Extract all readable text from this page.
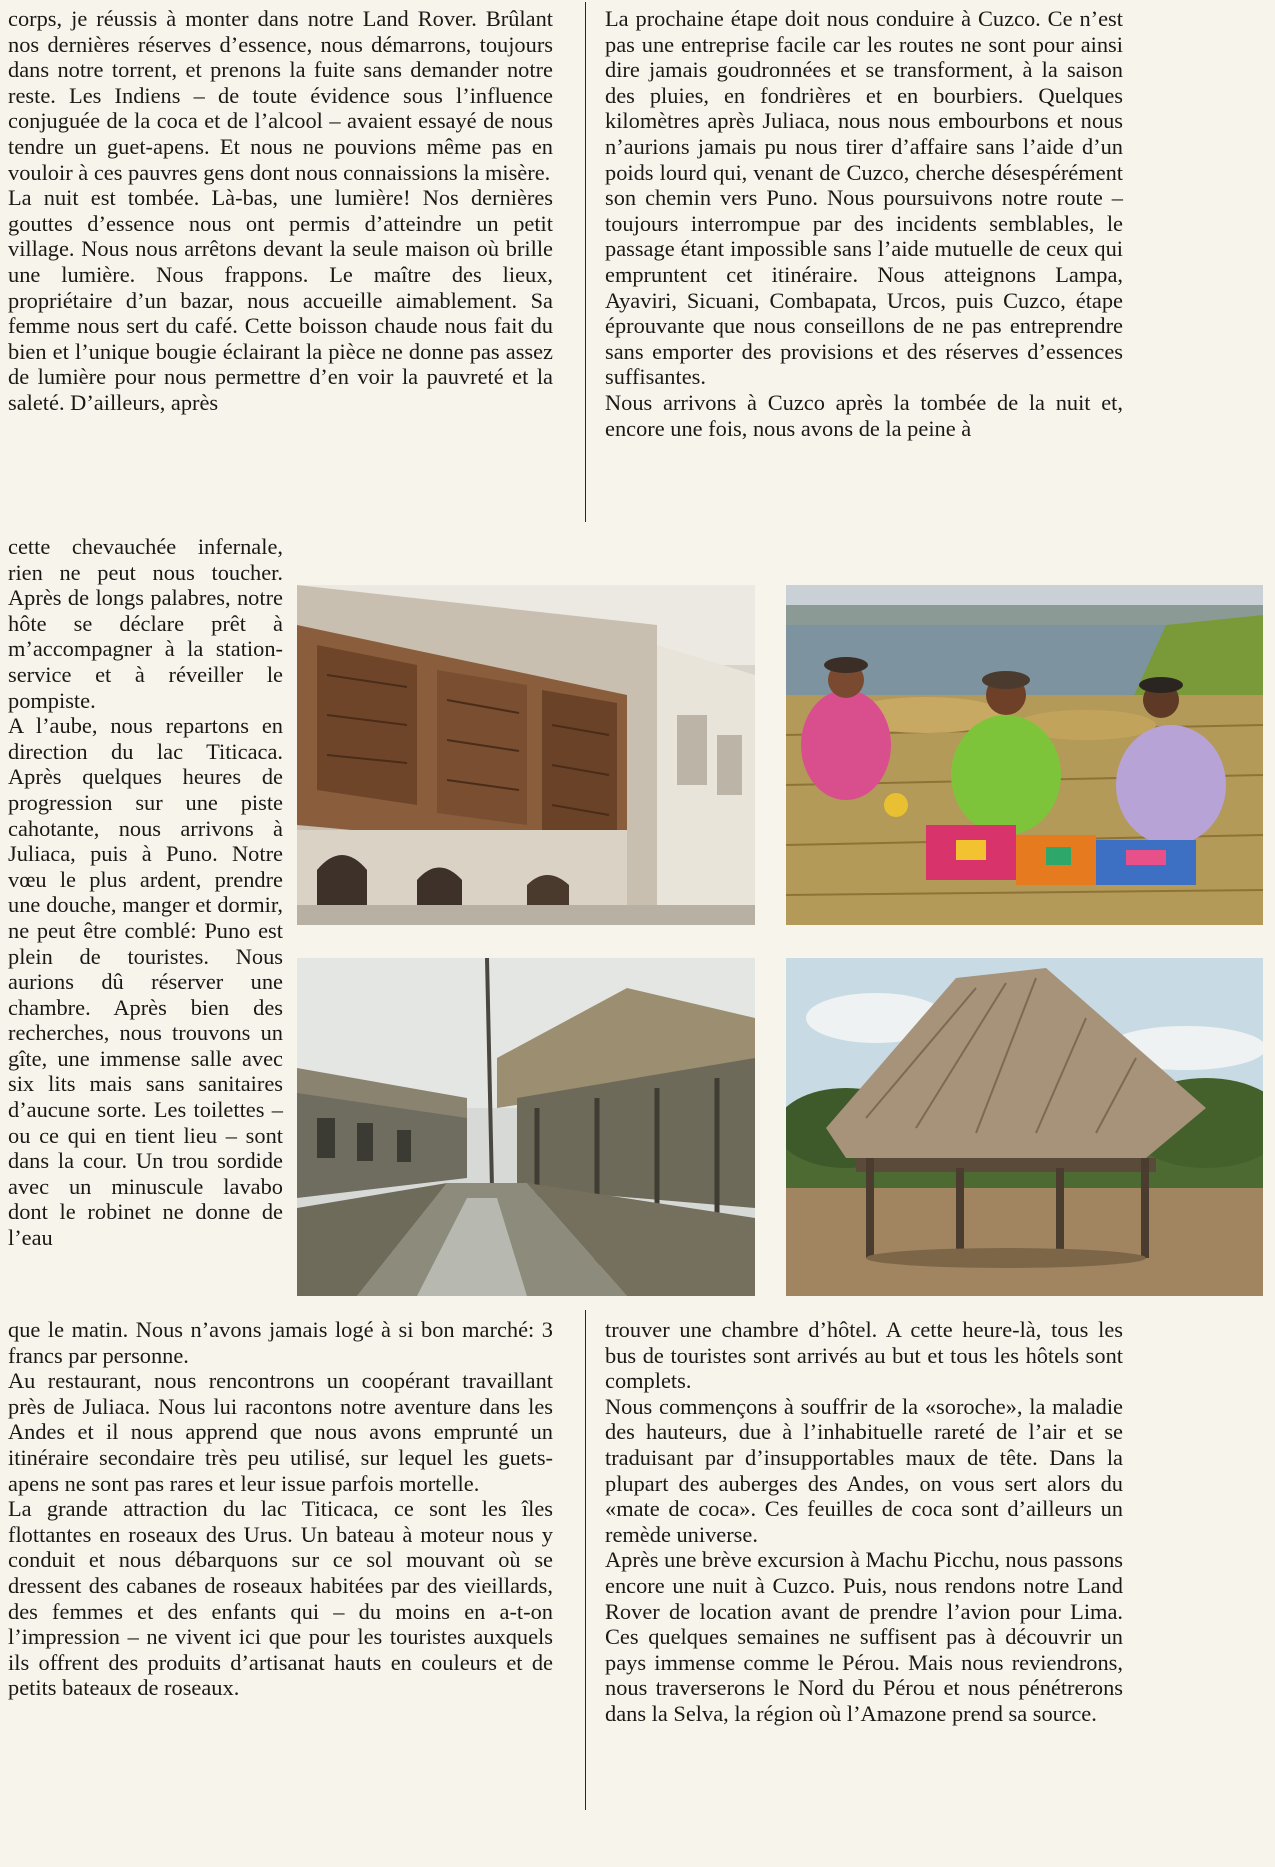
corps, je réussis à monter dans notre Land Rover. Brûlant nos dernières réserves d’essence, nous démarrons, toujours dans notre torrent, et prenons la fuite sans demander notre reste. Les Indiens – de toute évidence sous l’influence conjuguée de la coca et de l’alcool – avaient essayé de nous tendre un guet-apens. Et nous ne pouvions même pas en vouloir à ces pauvres gens dont nous connaissions la misère.

La nuit est tombée. Là-bas, une lumière! Nos dernières gouttes d’essence nous ont permis d’atteindre un petit village. Nous nous arrêtons devant la seule maison où brille une lumière. Nous frappons. Le maître des lieux, propriétaire d’un bazar, nous accueille aimablement. Sa femme nous sert du café. Cette boisson chaude nous fait du bien et l’unique bougie éclairant la pièce ne donne pas assez de lumière pour nous permettre d’en voir la pauvreté et la saleté. D’ailleurs, après

cette chevauchée infernale, rien ne peut nous toucher. Après de longs palabres, notre hôte se déclare prêt à m’accompagner à la station-service et à réveiller le pompiste.

A l’aube, nous repartons en direction du lac Titicaca. Après quelques heures de progression sur une piste cahotante, nous arrivons à Juliaca, puis à Puno. Notre vœu le plus ardent, prendre une douche, manger et dormir, ne peut être comblé: Puno est plein de touristes. Nous aurions dû réserver une chambre. Après bien des recherches, nous trouvons un gîte, une immense salle avec six lits mais sans sanitaires d’aucune sorte. Les toilettes – ou ce qui en tient lieu – sont dans la cour. Un trou sordide avec un minuscule lavabo dont le robinet ne donne de l’eau

que le matin. Nous n’avons jamais logé à si bon marché: 3 francs par personne.

Au restaurant, nous rencontrons un coopérant travaillant près de Juliaca. Nous lui racontons notre aventure dans les Andes et il nous apprend que nous avons emprunté un itinéraire secondaire très peu utilisé, sur lequel les guets-apens ne sont pas rares et leur issue parfois mortelle.

La grande attraction du lac Titicaca, ce sont les îles flottantes en roseaux des Urus. Un bateau à moteur nous y conduit et nous débarquons sur ce sol mouvant où se dressent des cabanes de roseaux habitées par des vieillards, des femmes et des enfants qui – du moins en a-t-on l’impression – ne vivent ici que pour les touristes auxquels ils offrent des produits d’artisanat hauts en couleurs et de petits bateaux de roseaux.

La prochaine étape doit nous conduire à Cuzco. Ce n’est pas une entreprise facile car les routes ne sont pour ainsi dire jamais goudronnées et se transforment, à la saison des pluies, en fondrières et en bourbiers. Quelques kilomètres après Juliaca, nous nous embourbons et nous n’aurions jamais pu nous tirer d’affaire sans l’aide d’un poids lourd qui, venant de Cuzco, cherche désespérément son chemin vers Puno. Nous poursuivons notre route – toujours interrompue par des incidents semblables, le passage étant impossible sans l’aide mutuelle de ceux qui empruntent cet itinéraire. Nous atteignons Lampa, Ayaviri, Sicuani, Combapata, Urcos, puis Cuzco, étape éprouvante que nous conseillons de ne pas entreprendre sans emporter des provisions et des réserves d’essences suffisantes.

Nous arrivons à Cuzco après la tombée de la nuit et, encore une fois, nous avons de la peine à

trouver une chambre d’hôtel. A cette heure-là, tous les bus de touristes sont arrivés au but et tous les hôtels sont complets.

Nous commençons à souffrir de la «soroche», la maladie des hauteurs, due à l’inhabituelle rareté de l’air et se traduisant par d’insupportables maux de tête. Dans la plupart des auberges des Andes, on vous sert alors du «mate de coca». Ces feuilles de coca sont d’ailleurs un remède universe.

Après une brève excursion à Machu Picchu, nous passons encore une nuit à Cuzco. Puis, nous rendons notre Land Rover de location avant de prendre l’avion pour Lima. Ces quelques semaines ne suffisent pas à découvrir un pays immense comme le Pérou. Mais nous reviendrons, nous traverserons le Nord du Pérou et nous pénétrerons dans la Selva, la région où l’Amazone prend sa source.
